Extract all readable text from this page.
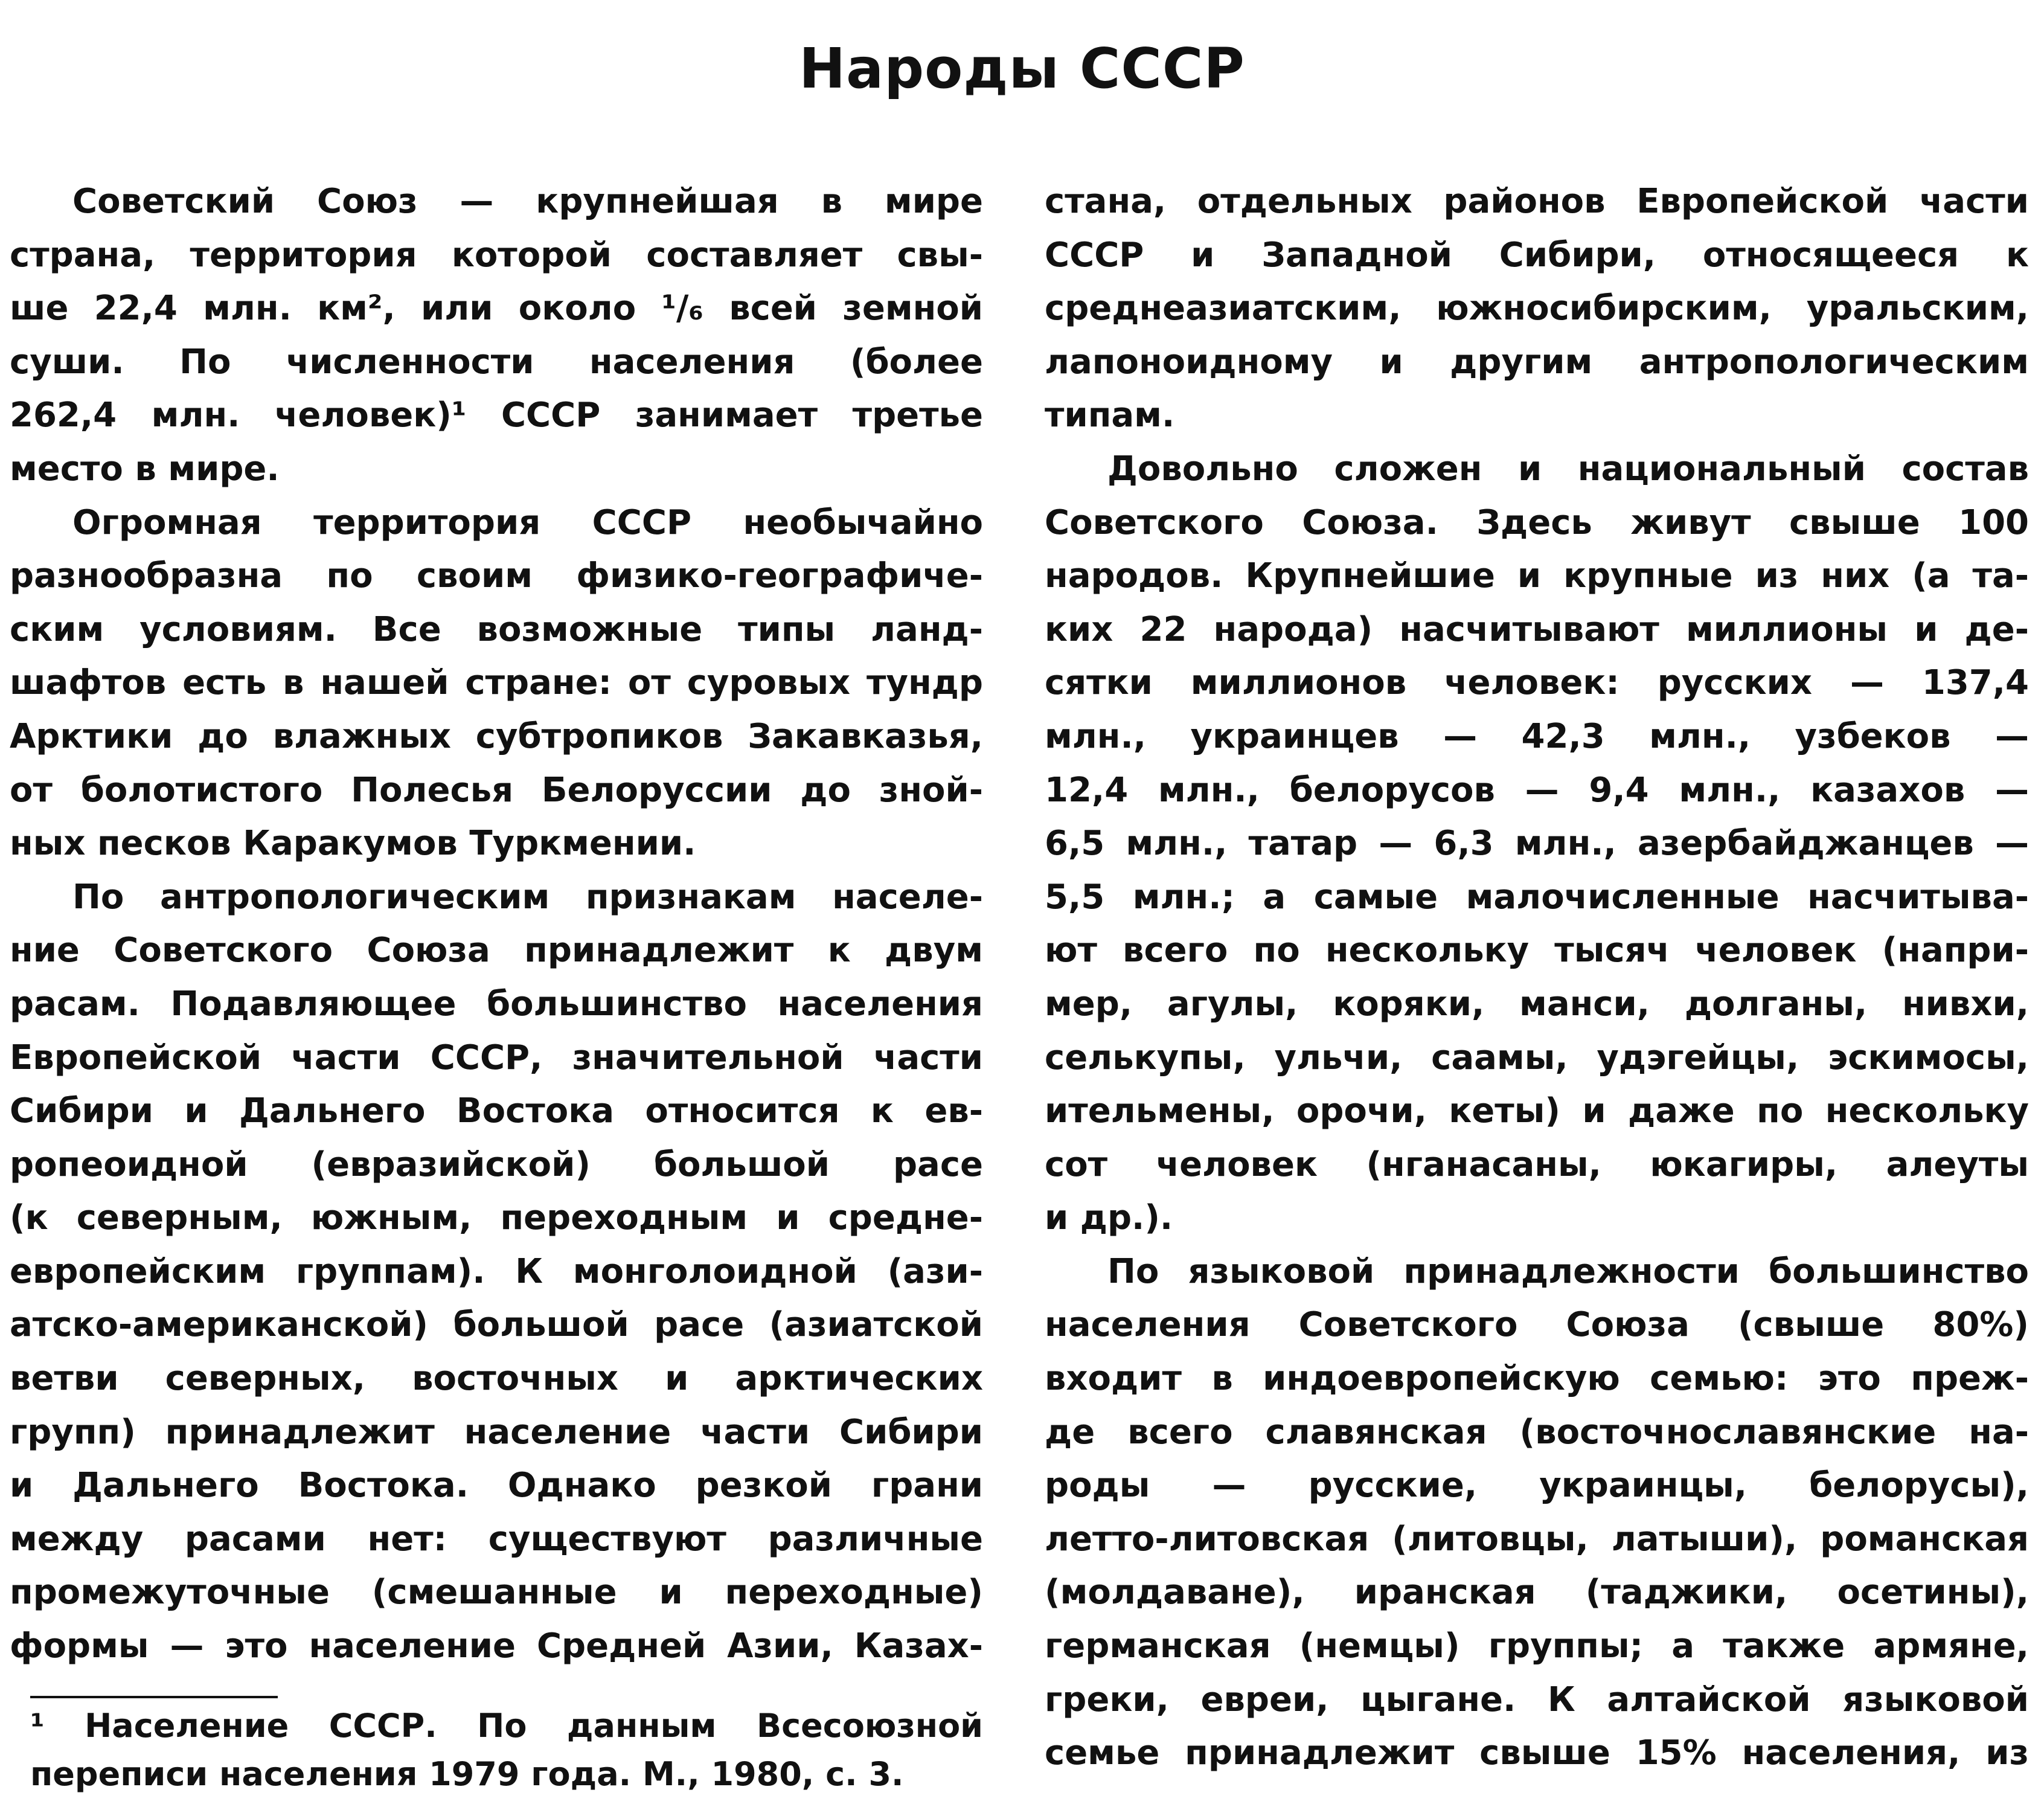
Народы СССР
Советский Союз — крупнейшая в мире
страна, территория которой составляет свы-
ше 22,4 млн. км², или около ¹/₆ всей земной
суши. По численности населения (более
262,4 млн. человек)¹ СССР занимает третье
место в мире.
Огромная территория СССР необычайно
разнообразна по своим физико-географиче-
ским условиям. Все возможные типы ланд-
шафтов есть в нашей стране: от суровых тундр
Арктики до влажных субтропиков Закавказья,
от болотистого Полесья Белоруссии до зной-
ных песков Каракумов Туркмении.
По антропологическим признакам населе-
ние Советского Союза принадлежит к двум
расам. Подавляющее большинство населения
Европейской части СССР, значительной части
Сибири и Дальнего Востока относится к ев-
ропеоидной (евразийской) большой расе
(к северным, южным, переходным и средне-
европейским группам). К монголоидной (ази-
атско-американской) большой расе (азиатской
ветви северных, восточных и арктических
групп) принадлежит население части Сибири
и Дальнего Востока. Однако резкой грани
между расами нет: существуют различные
промежуточные (смешанные и переходные)
формы — это население Средней Азии, Казах-
стана, отдельных районов Европейской части
СССР и Западной Сибири, относящееся к
среднеазиатским, южносибирским, уральским,
лапоноидному и другим антропологическим
типам.
Довольно сложен и национальный состав
Советского Союза. Здесь живут свыше 100
народов. Крупнейшие и крупные из них (а та-
ких 22 народа) насчитывают миллионы и де-
сятки миллионов человек: русских — 137,4
млн., украинцев — 42,3 млн., узбеков —
12,4 млн., белорусов — 9,4 млн., казахов —
6,5 млн., татар — 6,3 млн., азербайджанцев —
5,5 млн.; а самые малочисленные насчитыва-
ют всего по нескольку тысяч человек (напри-
мер, агулы, коряки, манси, долганы, нивхи,
селькупы, ульчи, саамы, удэгейцы, эскимосы,
ительмены, орочи, кеты) и даже по нескольку
сот человек (нганасаны, юкагиры, алеуты
и др.).
По языковой принадлежности большинство
населения Советского Союза (свыше 80%)
входит в индоевропейскую семью: это преж-
де всего славянская (восточнославянские на-
роды — русские, украинцы, белорусы),
летто-литовская (литовцы, латыши), романская
(молдаване), иранская (таджики, осетины),
германская (немцы) группы; а также армяне,
греки, евреи, цыгане. К алтайской языковой
семье принадлежит свыше 15% населения, из
¹ Население СССР. По данным Всесоюзной
переписи населения 1979 года. М., 1980, с. 3.
